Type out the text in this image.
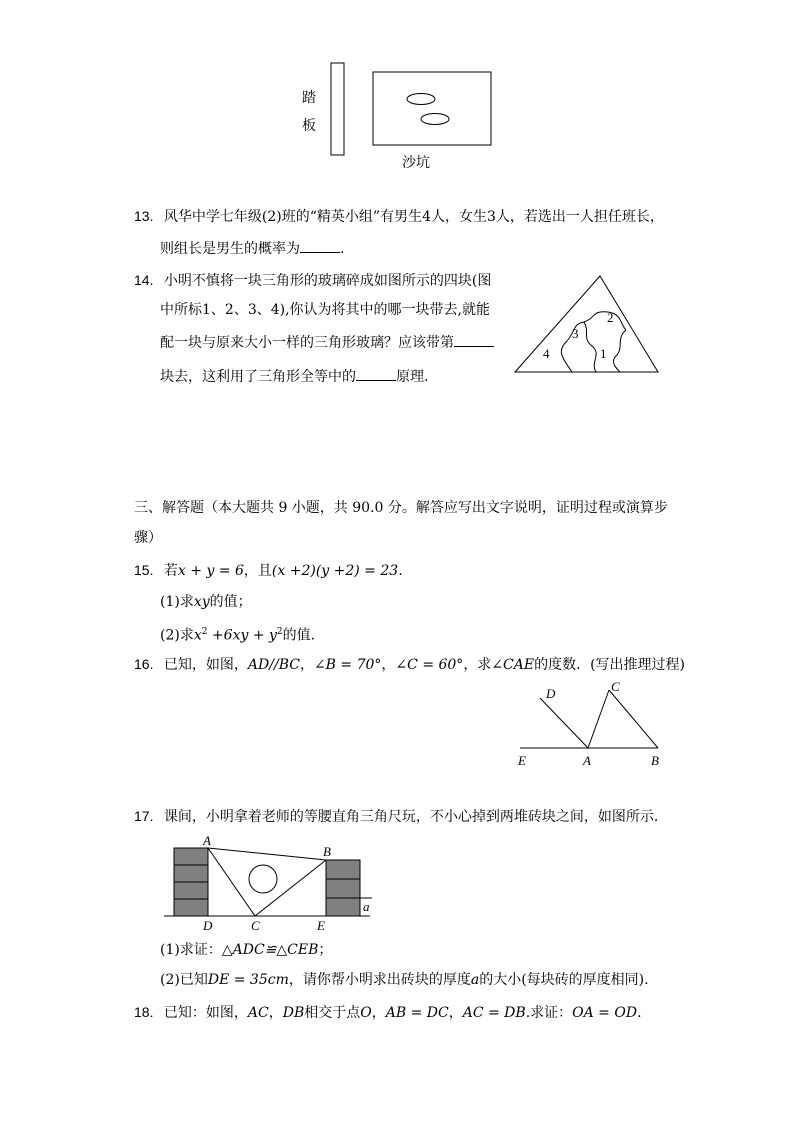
踏
板
沙坑
13. 风华中学七年级(2)班的“精英小组”有男生4人，女生3人，若选出一人担任班长，
则组长是男生的概率为	.
14. 小明不慎将一块三角形的玻璃碎成如图所示的四块(图
中所标1、2、3、4),你认为将其中的哪一块带去,就能
配一块与原来大小一样的三角形玻璃？应该带第
块去，这利用了三角形全等中的	原理.
1
2
3
4
三、解答题（本大题共 9 小题，共 90.0 分。解答应写出文字说明，证明过程或演算步
骤）
15. 若x + y = 6，且(x +2)(y +2) = 23.
(1)求xy的值；
(2)求$x^2 +6xy + y^2$的值.
16. 已知，如图，AD//BC，∠B = 70°，∠C = 60°，求∠CAE的度数．(写出推理过程)
D	C
E	A	B
17. 课间，小明拿着老师的等腰直角三角尺玩，不小心掉到两堆砖块之间，如图所示.
A
B
C
D	E
a
(1)求证：△ADC≌△CEB；
(2)已知DE = 35cm，请你帮小明求出砖块的厚度a的大小(每块砖的厚度相同).
18. 已知：如图，AC，DB相交于点O，AB = DC，AC = DB.求证：OA = OD.
